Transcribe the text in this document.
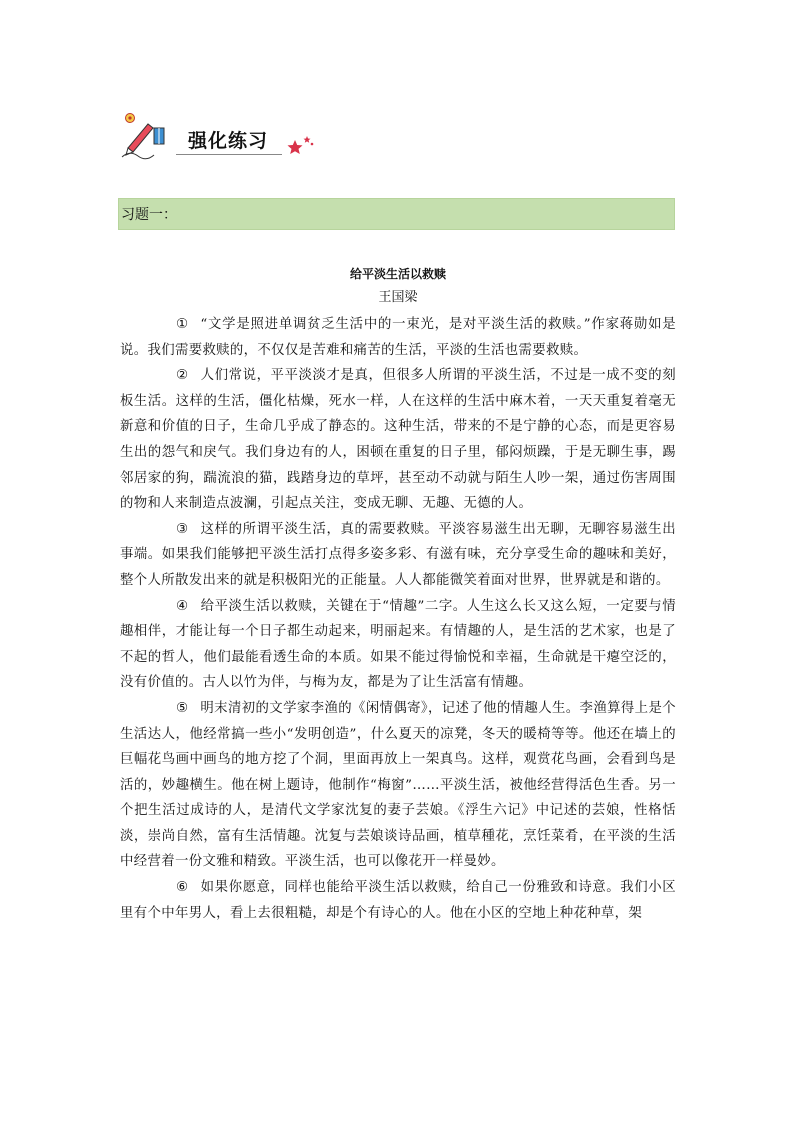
强化练习
习题一：

给平淡生活以救赎

王国梁

① “文学是照进单调贫乏生活中的一束光，是对平淡生活的救赎。”作家蒋勋如是说。我们需要救赎的，不仅仅是苦难和痛苦的生活，平淡的生活也需要救赎。

② 人们常说，平平淡淡才是真，但很多人所谓的平淡生活，不过是一成不变的刻板生活。这样的生活，僵化枯燥，死水一样，人在这样的生活中麻木着，一天天重复着毫无新意和价值的日子，生命几乎成了静态的。这种生活，带来的不是宁静的心态，而是更容易生出的怨气和戾气。我们身边有的人，困顿在重复的日子里，郁闷烦躁，于是无聊生事，踢邻居家的狗，踹流浪的猫，践踏身边的草坪，甚至动不动就与陌生人吵一架，通过伤害周围的物和人来制造点波澜，引起点关注，变成无聊、无趣、无德的人。

③ 这样的所谓平淡生活，真的需要救赎。平淡容易滋生出无聊，无聊容易滋生出事端。如果我们能够把平淡生活打点得多姿多彩、有滋有味，充分享受生命的趣味和美好，整个人所散发出来的就是积极阳光的正能量。人人都能微笑着面对世界，世界就是和谐的。

④ 给平淡生活以救赎，关键在于“情趣”二字。人生这么长又这么短，一定要与情趣相伴，才能让每一个日子都生动起来，明丽起来。有情趣的人，是生活的艺术家，也是了不起的哲人，他们最能看透生命的本质。如果不能过得愉悦和幸福，生命就是干瘪空泛的，没有价值的。古人以竹为伴，与梅为友，都是为了让生活富有情趣。

⑤ 明末清初的文学家李渔的《闲情偶寄》，记述了他的情趣人生。李渔算得上是个生活达人，他经常搞一些小“发明创造”，什么夏天的凉凳，冬天的暖椅等等。他还在墙上的巨幅花鸟画中画鸟的地方挖了个洞，里面再放上一架真鸟。这样，观赏花鸟画，会看到鸟是活的，妙趣横生。他在树上题诗，他制作“梅窗”……平淡生活，被他经营得活色生香。另一个把生活过成诗的人，是清代文学家沈复的妻子芸娘。《浮生六记》中记述的芸娘，性格恬淡，崇尚自然，富有生活情趣。沈复与芸娘谈诗品画，植草種花，烹饪菜肴，在平淡的生活中经营着一份文雅和精致。平淡生活，也可以像花开一样曼妙。

⑥ 如果你愿意，同样也能给平淡生活以救赎，给自己一份雅致和诗意。我们小区里有个中年男人，看上去很粗糙，却是个有诗心的人。他在小区的空地上种花种草，架
